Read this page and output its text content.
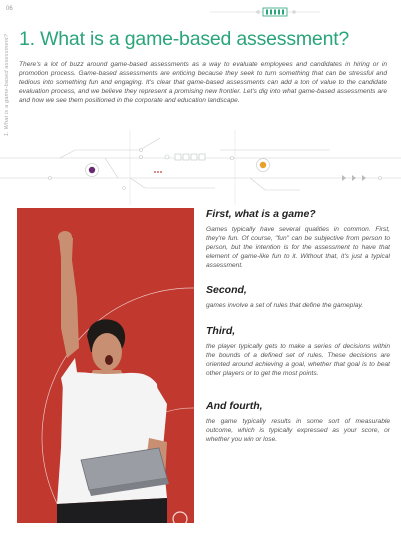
06
1. What is a game-based assessment? 1. What is a game-based assessment?

There's a lot of buzz around game-based assessments as a way to evaluate employees and candidates in hiring or in promotion process. Game-based assessments are enticing because they seek to turn something that can be stressful and tedious into something fun and engaging. It's clear that game-based assessments can add a ton of value to the candidate evaluation process, and we believe they represent a promising new frontier. Let's dig into what game-based assessments are and how we see them positioned in the corporate and education landscape.

First, what is a game?

Games typically have several qualities in common. First, they're fun. Of course, "fun" can be subjective from person to person, but the intention is for the assessment to have that element of game-like fun to it. Without that, it's just a typical assessment.

Second,

games involve a set of rules that define the gameplay.

Third,

the player typically gets to make a series of decisions within the bounds of a defined set of rules. These decisions are oriented around achieving a goal, whether that goal is to beat other players or to get the most points.

And fourth,

the game typically results in some sort of measurable outcome, which is typically expressed as your score, or whether you win or lose.
